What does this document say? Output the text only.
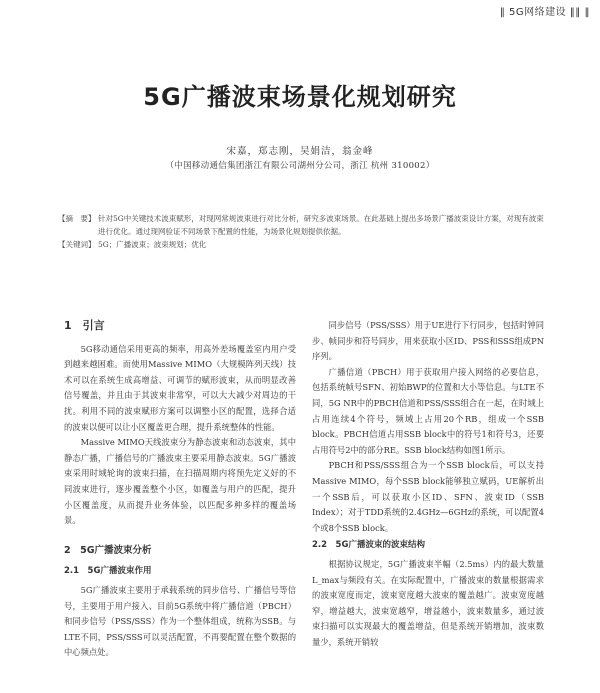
‖ 5G网络建设 ‖‖ ‖
5G广播波束场景化规划研究
宋嘉，郑志刚，吴娟洁，翁金峰
（中国移动通信集团浙江有限公司湖州分公司，浙江 杭州 310002）
【摘　要】 针对5G中关键技术波束赋形，对现网常规波束进行对比分析，研究多波束场景。在此基础上提出多场景广播波束设计方案，对现有波束进行优化。通过现网验证不同场景下配置的性能，为场景化规划提供依据。
【关键词】 5G；广播波束；波束规划；优化
1　引言

5G移动通信采用更高的频率，用高外差场覆盖室内用户受到越来越困难。而使用Massive MIMO（大规模阵列天线）技术可以在系统生成高增益、可调节的赋形波束，从而明显改善信号覆盖，并且由于其波束非常窄，可以大大减少对周边的干扰。利用不同的波束赋形方案可以调整小区的配置，选择合适的波束以便可以让小区覆盖更合理，提升系统整体的性能。

Massive MIMO天线波束分为静态波束和动态波束，其中静态广播，广播信号的广播波束主要采用静态波束。5G广播波束采用时域轮询的波束扫描，在扫描周期内将预先定义好的不同波束进行，逐步覆盖整个小区，如覆盖与用户的匹配，提升小区覆盖度，从而提升业务体验，以匹配多种多样的覆盖场景。

2　5G广播波束分析
2.1　5G广播波束作用

5G广播波束主要用于承载系统的同步信号、广播信号等信号，主要用于用户接入、目前5G系统中将广播信道（PBCH）和同步信号（PSS/SSS）作为一个整体组成，统称为SSB。与LTE不同，PSS/SSS可以灵活配置，不再要配置在整个数据的中心频点处。

同步信号（PSS/SSS）用于UE进行下行同步，包括时钟同步、帧同步和符号同步，用来获取小区ID、PSS和SSS组成PN序列。

广播信道（PBCH）用于获取用户接入网络的必要信息，包括系统帧号SFN、初始BWP的位置和大小等信息。与LTE不同，5G NR中的PBCH信道和PSS/SSS组合在一起，在时域上占用连续4个符号，频域上占用20个RB，组成一个SSB block。PBCH信道占用SSB block中的符号1和符号3，还要占用符号2中的部分RE。SSB block结构如图1所示。

PBCH和PSS/SSS组合为一个SSB block后，可以支持Massive MIMO，每个SSB block能够独立赋码，UE解析出一个SSB后，可以获取小区ID、SFN、波束ID（SSB Index）；对于TDD系统的2.4GHz—6GHz的系统，可以配置4个或8个SSB block。

2.2　5G广播波束的波束结构

根据协议规定，5G广播波束半幅（2.5ms）内的最大数量L_max与频段有关。在实际配置中，广播波束的数量根据需求的波束宽度而定，波束宽度越大波束的覆盖越广。波束宽度越窄，增益越大，波束宽越窄，增益越小，波束数量多，通过波束扫描可以实现最大的覆盖增益，但是系统开销增加，波束数量少，系统开销较
